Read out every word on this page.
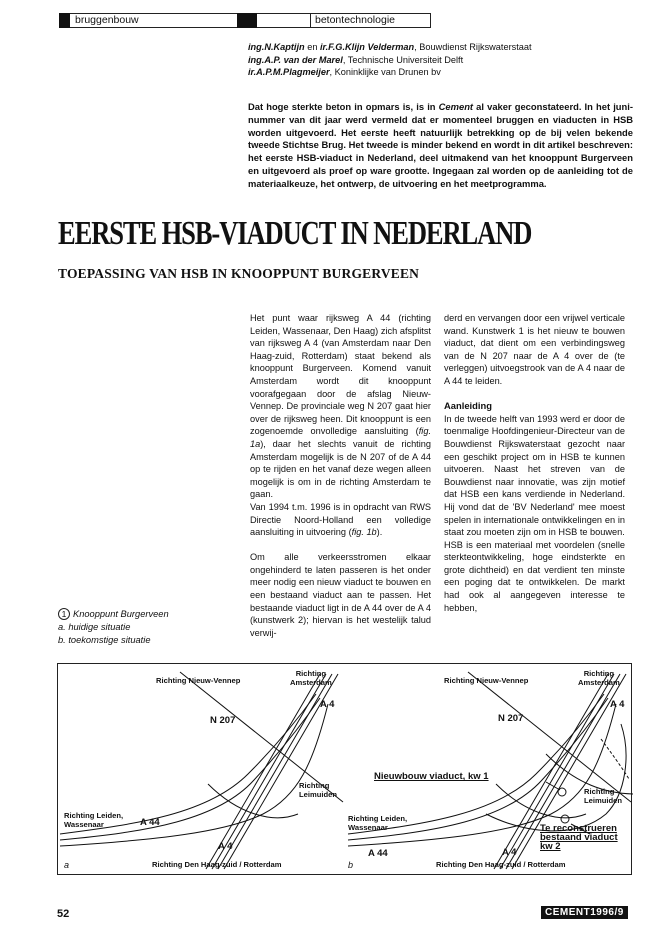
bruggenbouw	betontechnologie
ing.N.Kaptijn en ir.F.G.Klijn Velderman, Bouwdienst Rijkswaterstaat
ing.A.P. van der Marel, Technische Universiteit Delft
ir.A.P.M.Plagmeijer, Koninklijke van Drunen bv
Dat hoge sterkte beton in opmars is, is in Cement al vaker geconstateerd. In het juni-nummer van dit jaar werd vermeld dat er momenteel bruggen en viaducten in HSB worden uitgevoerd. Het eerste heeft natuurlijk betrekking op de bij velen bekende tweede Stichtse Brug. Het tweede is minder bekend en wordt in dit artikel beschreven: het eerste HSB-viaduct in Nederland, deel uitmakend van het knooppunt Burgerveen en uitgevoerd als proef op ware grootte. Ingegaan zal worden op de aanleiding tot de materiaalkeuze, het ontwerp, de uitvoering en het meetprogramma.
EERSTE HSB-VIADUCT IN NEDERLAND
TOEPASSING VAN HSB IN KNOOPPUNT BURGERVEEN
1 Knooppunt Burgerveen
a. huidige situatie
b. toekomstige situatie

Het punt waar rijksweg A 44 (richting Leiden, Wassenaar, Den Haag) zich afsplitst van rijksweg A 4 (van Amsterdam naar Den Haag-zuid, Rotterdam) staat bekend als knooppunt Burgerveen. Komend vanuit Amsterdam wordt dit knooppunt voorafgegaan door de afslag Nieuw-Vennep. De provinciale weg N 207 gaat hier over de rijksweg heen. Dit knooppunt is een zogenoemde onvolledige aansluiting (fig. 1a), daar het slechts vanuit de richting Amsterdam mogelijk is de N 207 of de A 44 op te rijden en het vanaf deze wegen alleen mogelijk is om in de richting Amsterdam te gaan.

Van 1994 t.m. 1996 is in opdracht van RWS Directie Noord-Holland een volledige aansluiting in uitvoering (fig. 1b).

Om alle verkeersstromen elkaar ongehinderd te laten passeren is het onder meer nodig een nieuw viaduct te bouwen en een bestaand viaduct aan te passen. Het bestaande viaduct ligt in de A 44 over de A 4 (kunstwerk 2); hiervan is het westelijk talud verwij-

derd en vervangen door een vrijwel verticale wand. Kunstwerk 1 is het nieuw te bouwen viaduct, dat dient om een verbindingsweg van de N 207 naar de A 4 over de (te verleggen) uitvoegstrook van de A 4 naar de A 44 te leiden.

Aanleiding

In de tweede helft van 1993 werd er door de toenmalige Hoofdingenieur-Directeur van de Bouwdienst Rijkswaterstaat gezocht naar een geschikt project om in HSB te kunnen uitvoeren. Naast het streven van de Bouwdienst naar innovatie, was zijn motief dat HSB een kans verdiende in Nederland. Hij vond dat de 'BV Nederland' mee moest spelen in internationale ontwikkelingen en in staat zou moeten zijn om in HSB te bouwen.

HSB is een materiaal met voordelen (snelle sterkteontwikkeling, hoge eindsterkte en grote dichtheid) en dat verdient ten minste een poging dat te ontwikkelen. De markt had ook al aangegeven interesse te hebben,

Richting Nieuw-Vennep
Richting
Amsterdam
A 4
N 207
Richting
Leimuiden
Richting Leiden,
Wassenaar	A 44
A 4
Richting Den Haag-zuid / Rotterdam
a
Richting Nieuw-Vennep
Richting
Amsterdam
A 4
N 207
Nieuwbouw viaduct, kw 1
Richting
Leimuiden
Richting Leiden,
Wassenaar	Te reconstrueren
bestaand viaduct
kw 2
A 44	A 4
Richting Den Haag-zuid / Rotterdam
b
52	CEMENT1996/9
